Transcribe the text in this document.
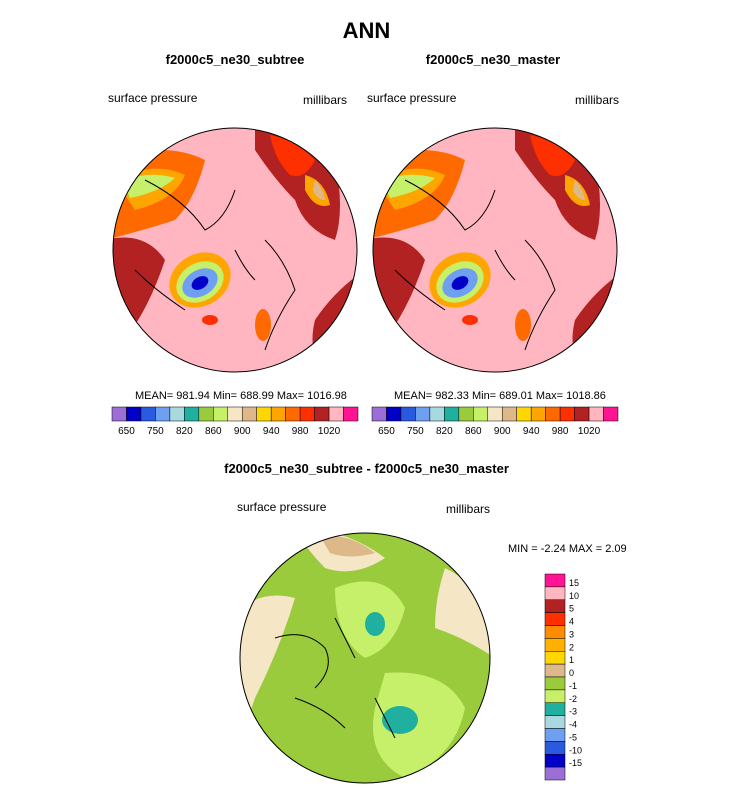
ANN
f2000c5_ne30_subtree
surface pressure	millibars
f2000c5_ne30_master
surface pressure	millibars
MEAN= 981.94 Min= 688.99 Max= 1016.98	MEAN= 982.33 Min= 689.01 Max= 1018.86
650 750 820 860 900 940 980 1020	650 750 820 860 900 940 980 1020
f2000c5_ne30_subtree - f2000c5_ne30_master
surface pressure	millibars
MIN = -2.24 MAX = 2.09
15
10
5
4
3
2
1
0
-1
-2
-3
-4
-5
-10
-15
